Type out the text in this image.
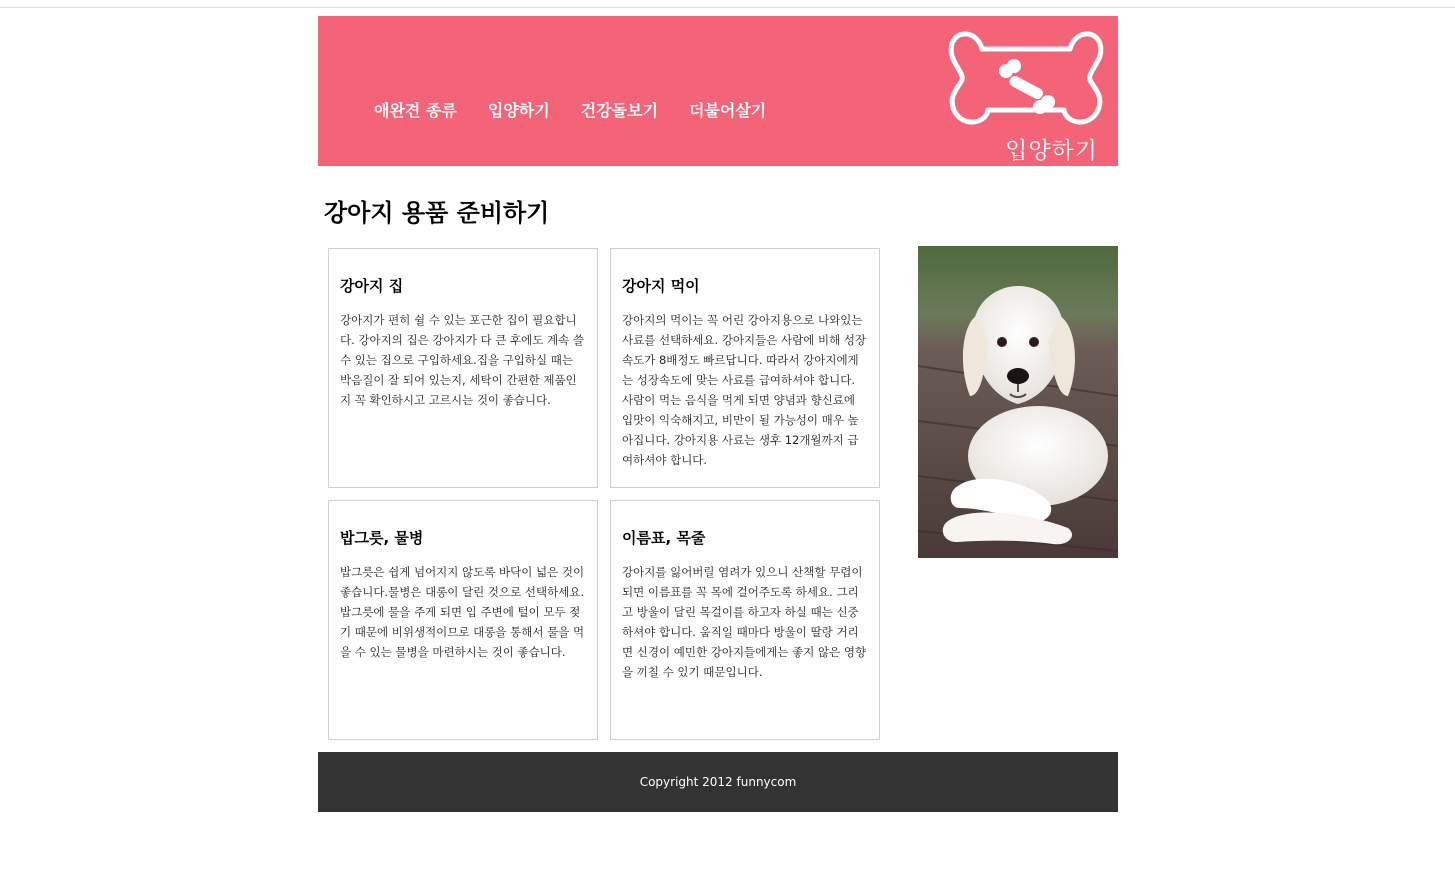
애완견 종류 입양하기 건강돌보기 더불어살기
입양하기
강아지 용품 준비하기
강아지 집

강아지가 편히 쉴 수 있는 포근한 집이 필요합니다. 강아지의 집은 강아지가 다 큰 후에도 계속 쓸 수 있는 집으로 구입하세요.집을 구입하실 때는 박음질이 잘 되어 있는지, 세탁이 간편한 제품인지 꼭 확인하시고 고르시는 것이 좋습니다.

강아지 먹이

강아지의 먹이는 꼭 어린 강아지용으로 나와있는 사료를 선택하세요. 강아지들은 사람에 비해 성장속도가 8배정도 빠르답니다. 따라서 강아지에게는 성장속도에 맞는 사료를 급여하셔야 합니다. 사람이 먹는 음식을 먹게 되면 양념과 향신료에 입맛이 익숙해지고, 비만이 될 가능성이 매우 높아집니다. 강아지용 사료는 생후 12개월까지 급여하셔야 합니다.

밥그릇, 물병

밥그릇은 쉽게 넘어지지 않도록 바닥이 넓은 것이 좋습니다.물병은 대롱이 달린 것으로 선택하세요. 밥그릇에 물을 주게 되면 입 주변에 털이 모두 젖기 때문에 비위생적이므로 대롱을 통해서 물을 먹을 수 있는 물병을 마련하시는 것이 좋습니다.

이름표, 목줄

강아지를 잃어버릴 염려가 있으니 산책할 무렵이 되면 이름표를 꼭 목에 걸어주도록 하세요. 그리고 방울이 달린 목걸이를 하고자 하실 때는 신중하셔야 합니다. 움직일 때마다 방울이 딸랑 거리면 신경이 예민한 강아지들에게는 좋지 않은 영향을 끼칠 수 있기 때문입니다.

Copyright 2012 funnycom
